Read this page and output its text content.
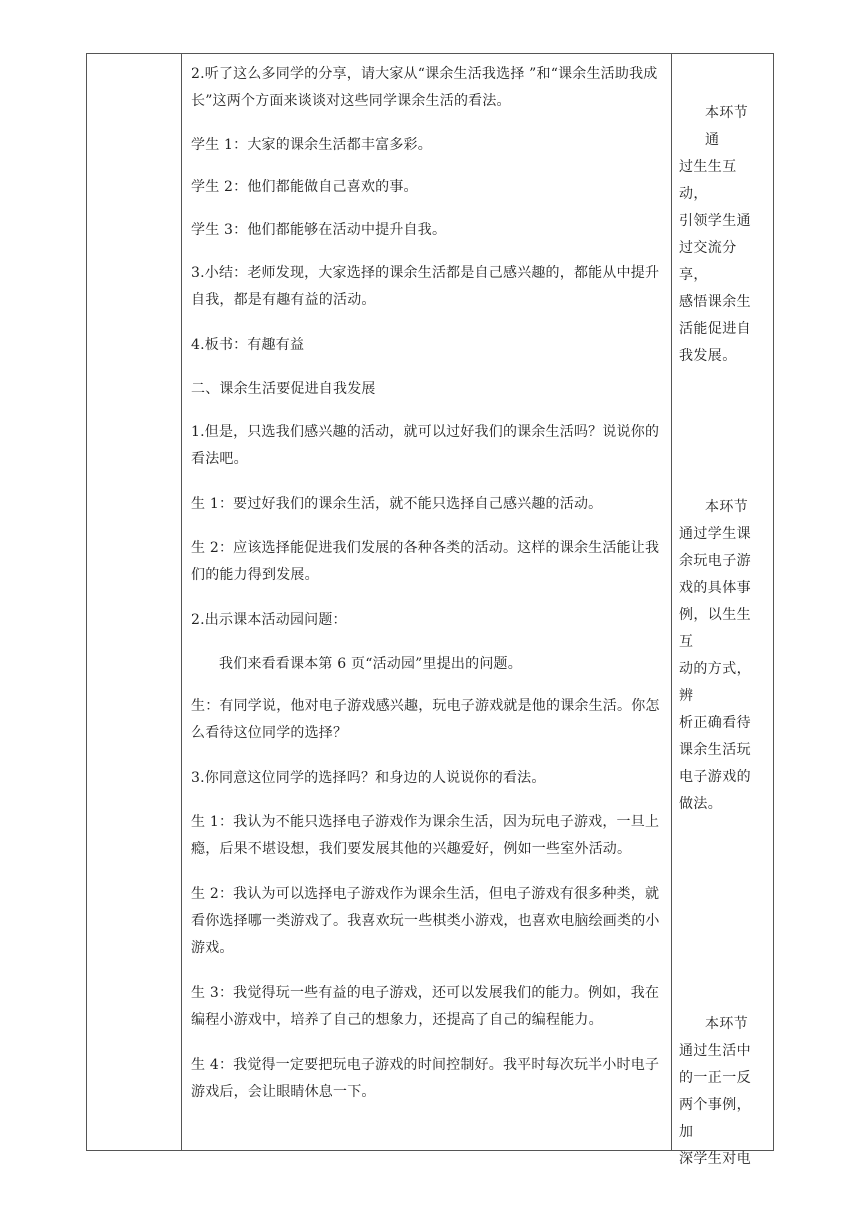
2.听了这么多同学的分享，请大家从“课余生活我选择 ”和“课余生活助我成长”这两个方面来谈谈对这些同学课余生活的看法。

学生 1：大家的课余生活都丰富多彩。

学生 2：他们都能做自己喜欢的事。

学生 3：他们都能够在活动中提升自我。

3.小结：老师发现，大家选择的课余生活都是自己感兴趣的，都能从中提升自我，都是有趣有益的活动。

4.板书：有趣有益

二、课余生活要促进自我发展

1.但是，只选我们感兴趣的活动，就可以过好我们的课余生活吗？说说你的看法吧。

生 1：要过好我们的课余生活，就不能只选择自己感兴趣的活动。

生 2：应该选择能促进我们发展的各种各类的活动。这样的课余生活能让我们的能力得到发展。

2.出示课本活动园问题：

我们来看看课本第 6 页“活动园”里提出的问题。

生：有同学说，他对电子游戏感兴趣，玩电子游戏就是他的课余生活。你怎么看待这位同学的选择？

3.你同意这位同学的选择吗？和身边的人说说你的看法。

生 1：我认为不能只选择电子游戏作为课余生活，因为玩电子游戏，一旦上瘾，后果不堪设想，我们要发展其他的兴趣爱好，例如一些室外活动。

生 2：我认为可以选择电子游戏作为课余生活，但电子游戏有很多种类，就看你选择哪一类游戏了。我喜欢玩一些棋类小游戏，也喜欢电脑绘画类的小游戏。

生 3：我觉得玩一些有益的电子游戏，还可以发展我们的能力。例如，我在编程小游戏中，培养了自己的想象力，还提高了自己的编程能力。

生 4：我觉得一定要把玩电子游戏的时间控制好。我平时每次玩半小时电子游戏后，会让眼睛休息一下。

本环节通

过生生互动，

引领学生通

过交流分享，

感悟课余生

活能促进自

我发展。

本环节

通过学生课

余玩电子游

戏的具体事

例，以生生互

动的方式，辨

析正确看待

课余生活玩

电子游戏的

做法。

本环节

通过生活中

的一正一反

两个事例，加

深学生对电
